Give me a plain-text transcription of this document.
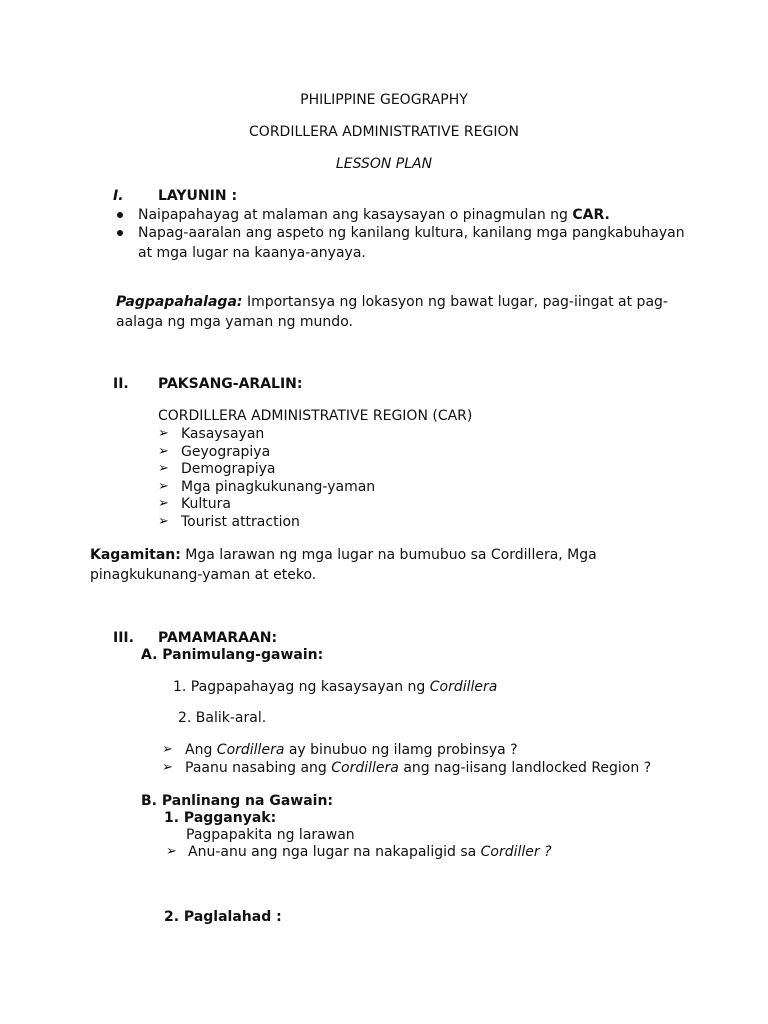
PHILIPPINE GEOGRAPHY
CORDILLERA ADMINISTRATIVE REGION
LESSON PLAN
I. LAYUNIN :
Naipapahayag at malaman ang kasaysayan o pinagmulan ng CAR.
Napag-aaralan ang aspeto ng kanilang kultura, kanilang mga pangkabuhayan
at mga lugar na kaanya-anyaya.
Pagpapahalaga: Importansya ng lokasyon ng bawat lugar, pag-iingat at pag-
aalaga ng mga yaman ng mundo.
II. PAKSANG-ARALIN:
CORDILLERA ADMINISTRATIVE REGION (CAR)
➢ Kasaysayan
➢ Geyograpiya
➢ Demograpiya
➢ Mga pinagkukunang-yaman
➢ Kultura
➢ Tourist attraction
Kagamitan: Mga larawan ng mga lugar na bumubuo sa Cordillera, Mga
pinagkukunang-yaman at eteko.
III. PAMAMARAAN:
A. Panimulang-gawain:
1. Pagpapahayag ng kasaysayan ng Cordillera
2. Balik-aral.
➢ Ang Cordillera ay binubuo ng ilamg probinsya ?
➢ Paanu nasabing ang Cordillera ang nag-iisang landlocked Region ?
B. Panlinang na Gawain:
1. Pagganyak:
Pagpapakita ng larawan
➢ Anu-anu ang nga lugar na nakapaligid sa Cordiller ?
2. Paglalahad :
